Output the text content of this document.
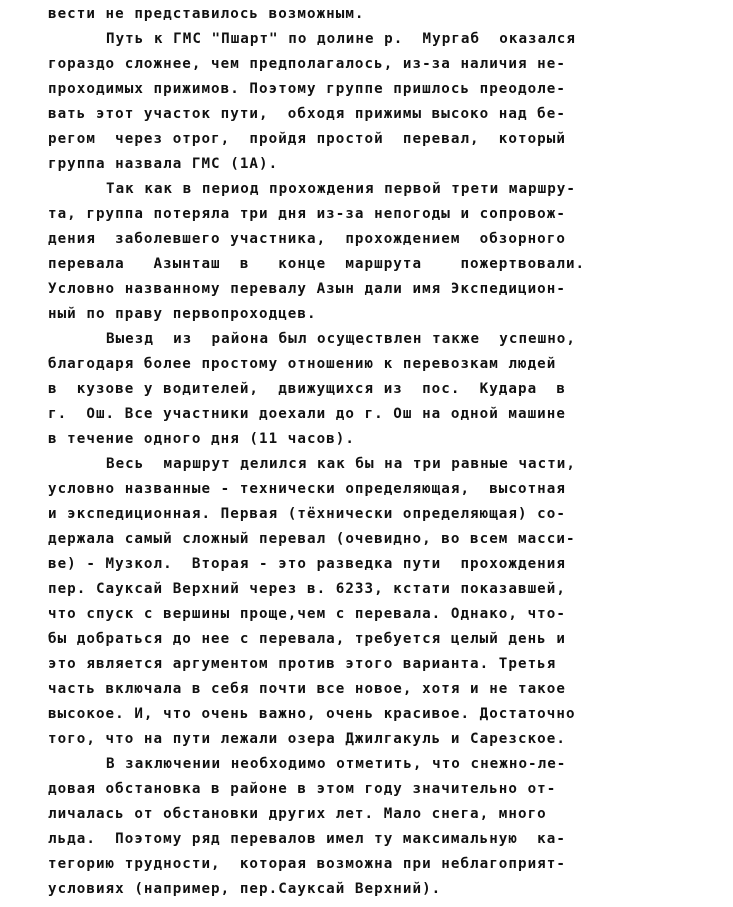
вести не представилось возможным.
Путь к ГМС "Пшарт" по долине р.  Мургаб  оказался
гораздо сложнее, чем предполагалось, из-за наличия не-
проходимых прижимов. Поэтому группе пришлось преодоле-
вать этот участок пути,  обходя прижимы высоко над бе-
регом  через отрог,  пройдя простой  перевал,  который
группа назвала ГМС (1А).
Так как в период прохождения первой трети маршру-
та, группа потеряла три дня из-за непогоды и сопровож-
дения  заболевшего участника,  прохождением  обзорного
перевала   Азынташ  в   конце  маршрута    пожертвовали.
Условно названному перевалу Азын дали имя Экспедицион-
ный по праву первопроходцев.
Выезд  из  района был осуществлен также  успешно,
благодаря более простому отношению к перевозкам людей
в  кузове у водителей,  движущихся из  пос.  Кудара  в
г.  Ош. Все участники доехали до г. Ош на одной машине
в течение одного дня (11 часов).
Весь  маршрут делился как бы на три равные части,
условно названные - технически определяющая,  высотная
и экспедиционная. Первая (тёхнически определяющая) со-
держала самый сложный перевал (очевидно, во всем масси-
ве) - Музкол.  Вторая - это разведка пути  прохождения
пер. Сауксай Верхний через в. 6233, кстати показавшей,
что спуск с вершины проще,чем с перевала. Однако, что-
бы добраться до нее с перевала, требуется целый день и
это является аргументом против этого варианта. Третья
часть включала в себя почти все новое, хотя и не такое
высокое. И, что очень важно, очень красивое. Достаточно
того, что на пути лежали озера Джилгакуль и Сарезское.
В заключении необходимо отметить, что снежно-ле-
довая обстановка в районе в этом году значительно от-
личалась от обстановки других лет. Мало снега, много
льда.  Поэтому ряд перевалов имел ту максимальную  ка-
тегорию трудности,  которая возможна при неблагоприят-
условиях (например, пер.Сауксай Верхний).
